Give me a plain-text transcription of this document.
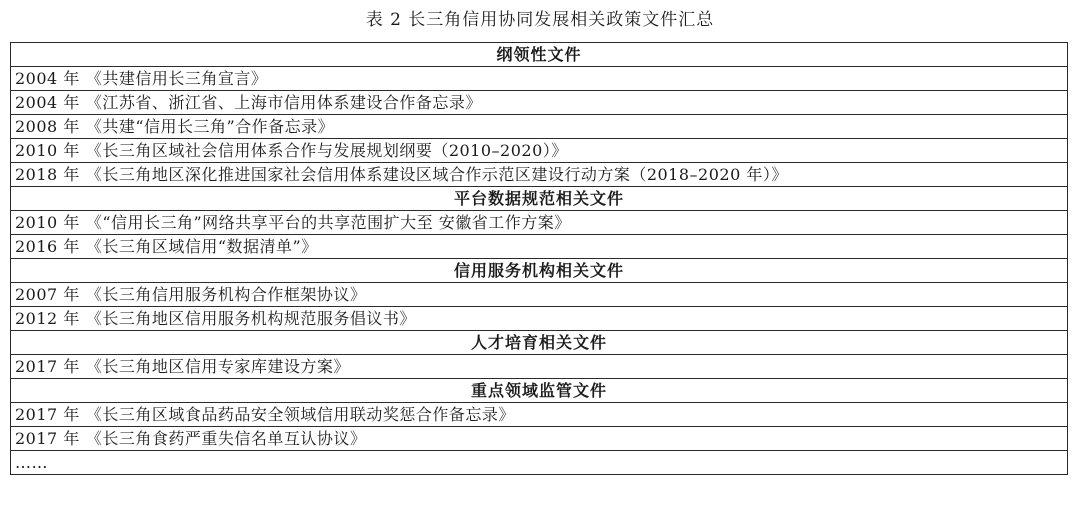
表 2 长三角信用协同发展相关政策文件汇总
纲领性文件
2004 年 《共建信用长三角宣言》
2004 年 《江苏省、浙江省、上海市信用体系建设合作备忘录》
2008 年 《共建“信用长三角”合作备忘录》
2010 年 《长三角区域社会信用体系合作与发展规划纲要（2010–2020）》
2018 年 《长三角地区深化推进国家社会信用体系建设区域合作示范区建设行动方案（2018–2020 年）》
平台数据规范相关文件
2010 年 《“信用长三角”网络共享平台的共享范围扩大至 安徽省工作方案》
2016 年 《长三角区域信用“数据清单”》
信用服务机构相关文件
2007 年 《长三角信用服务机构合作框架协议》
2012 年 《长三角地区信用服务机构规范服务倡议书》
人才培育相关文件
2017 年 《长三角地区信用专家库建设方案》
重点领域监管文件
2017 年 《长三角区域食品药品安全领域信用联动奖惩合作备忘录》
2017 年 《长三角食药严重失信名单互认协议》
……
